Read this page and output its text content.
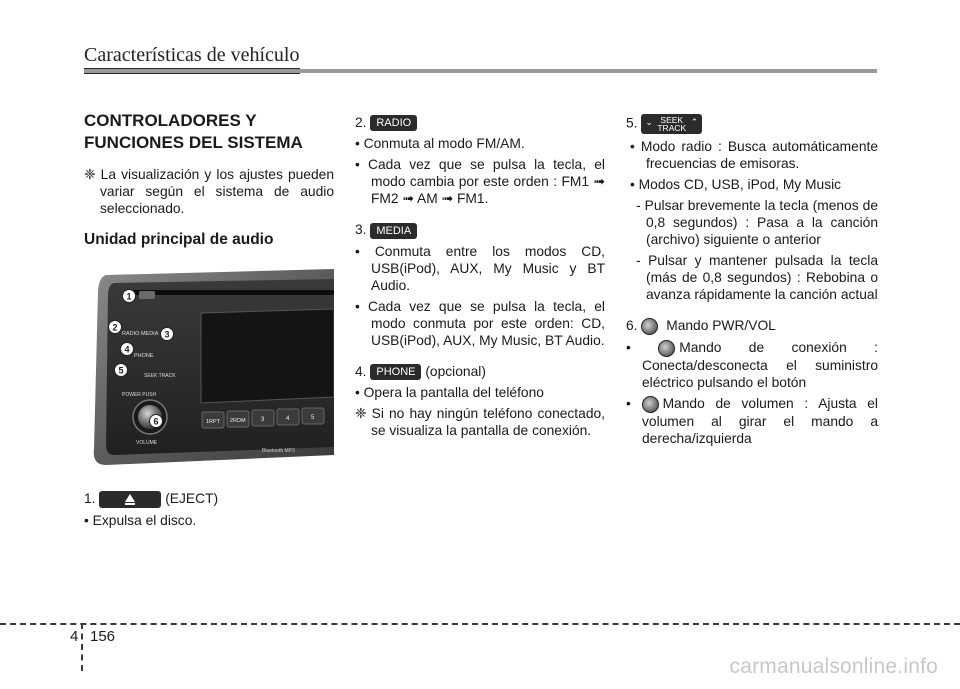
Características de vehículo
CONTROLADORES Y
FUNCIONES DEL SISTEMA

❈ La visualización y los ajustes pueden variar según el sistema de audio seleccionado.

Unidad principal de audio
RADIO MEDIA
PHONE
SEEK TRACK
POWER PUSH
VOLUME
1RPT 2RDM	3	4	5
Bluetooth MP3
1
2
3
4
5
6

1.	(EJECT)

• Expulsa el disco.

2. RADIO

• Conmuta al modo FM/AM.

• Cada vez que se pulsa la tecla, el modo cambia por este orden : FM1 ➟ FM2 ➟ AM ➟ FM1.

3. MEDIA

• Conmuta entre los modos CD, USB(iPod), AUX, My Music y BT Audio.

• Cada vez que se pulsa la tecla, el modo conmuta por este orden: CD, USB(iPod), AUX, My Music, BT Audio.

4. PHONE (opcional)

• Opera la pantalla del teléfono

❈ Si no hay ningún teléfono conectado, se visualiza la pantalla de conexión.

5. ⌄ SEEK
TRACK
⌃

• Modo radio : Busca automáticamente frecuencias de emisoras.

• Modos CD, USB, iPod, My Music

- Pulsar brevemente la tecla (menos de 0,8 segundos) : Pasa a la canción (archivo) siguiente o anterior

- Pulsar y mantener pulsada la tecla (más de 0,8 segundos) : Rebobina o avanza rápidamente la canción actual

6. Mando PWR/VOL

• Mando de conexión : Conecta/desconecta el suministro eléctrico pulsando el botón

• Mando de volumen : Ajusta el volumen al girar el mando a derecha/izquierda

4 156
carmanualsonline.info
